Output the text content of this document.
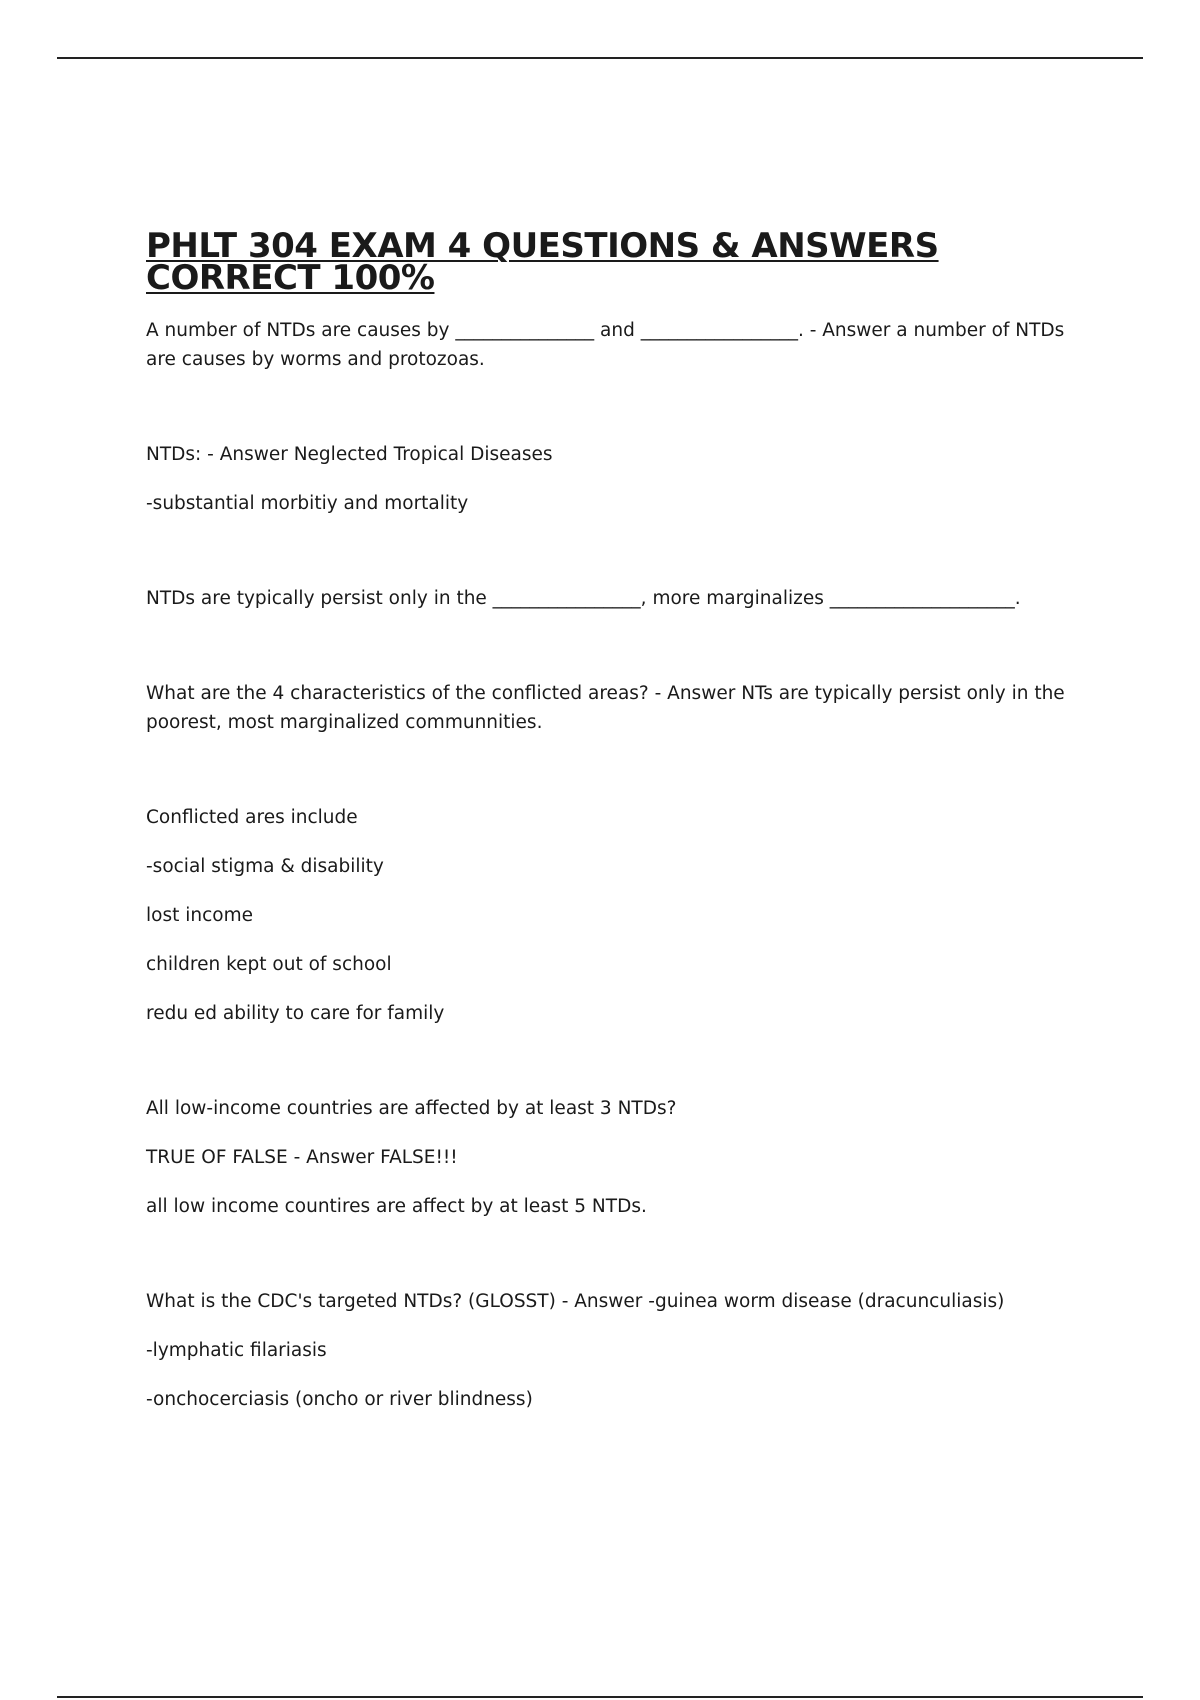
PHLT 304 EXAM 4 QUESTIONS & ANSWERS CORRECT 100%

A number of NTDs are causes by _______________ and _________________. - Answer a number of NTDs are causes by worms and protozoas.

NTDs: - Answer Neglected Tropical Diseases

-substantial morbitiy and mortality

NTDs are typically persist only in the ________________, more marginalizes ____________________.

What are the 4 characteristics of the conflicted areas? - Answer NTs are typically persist only in the poorest, most marginalized communnities.

Conflicted ares include

-social stigma & disability

lost income

children kept out of school

redu ed ability to care for family

All low-income countries are affected by at least 3 NTDs?

TRUE OF FALSE - Answer FALSE!!!

all low income countires are affect by at least 5 NTDs.

What is the CDC's targeted NTDs? (GLOSST) - Answer -guinea worm disease (dracunculiasis)

-lymphatic filariasis

-onchocerciasis (oncho or river blindness)
